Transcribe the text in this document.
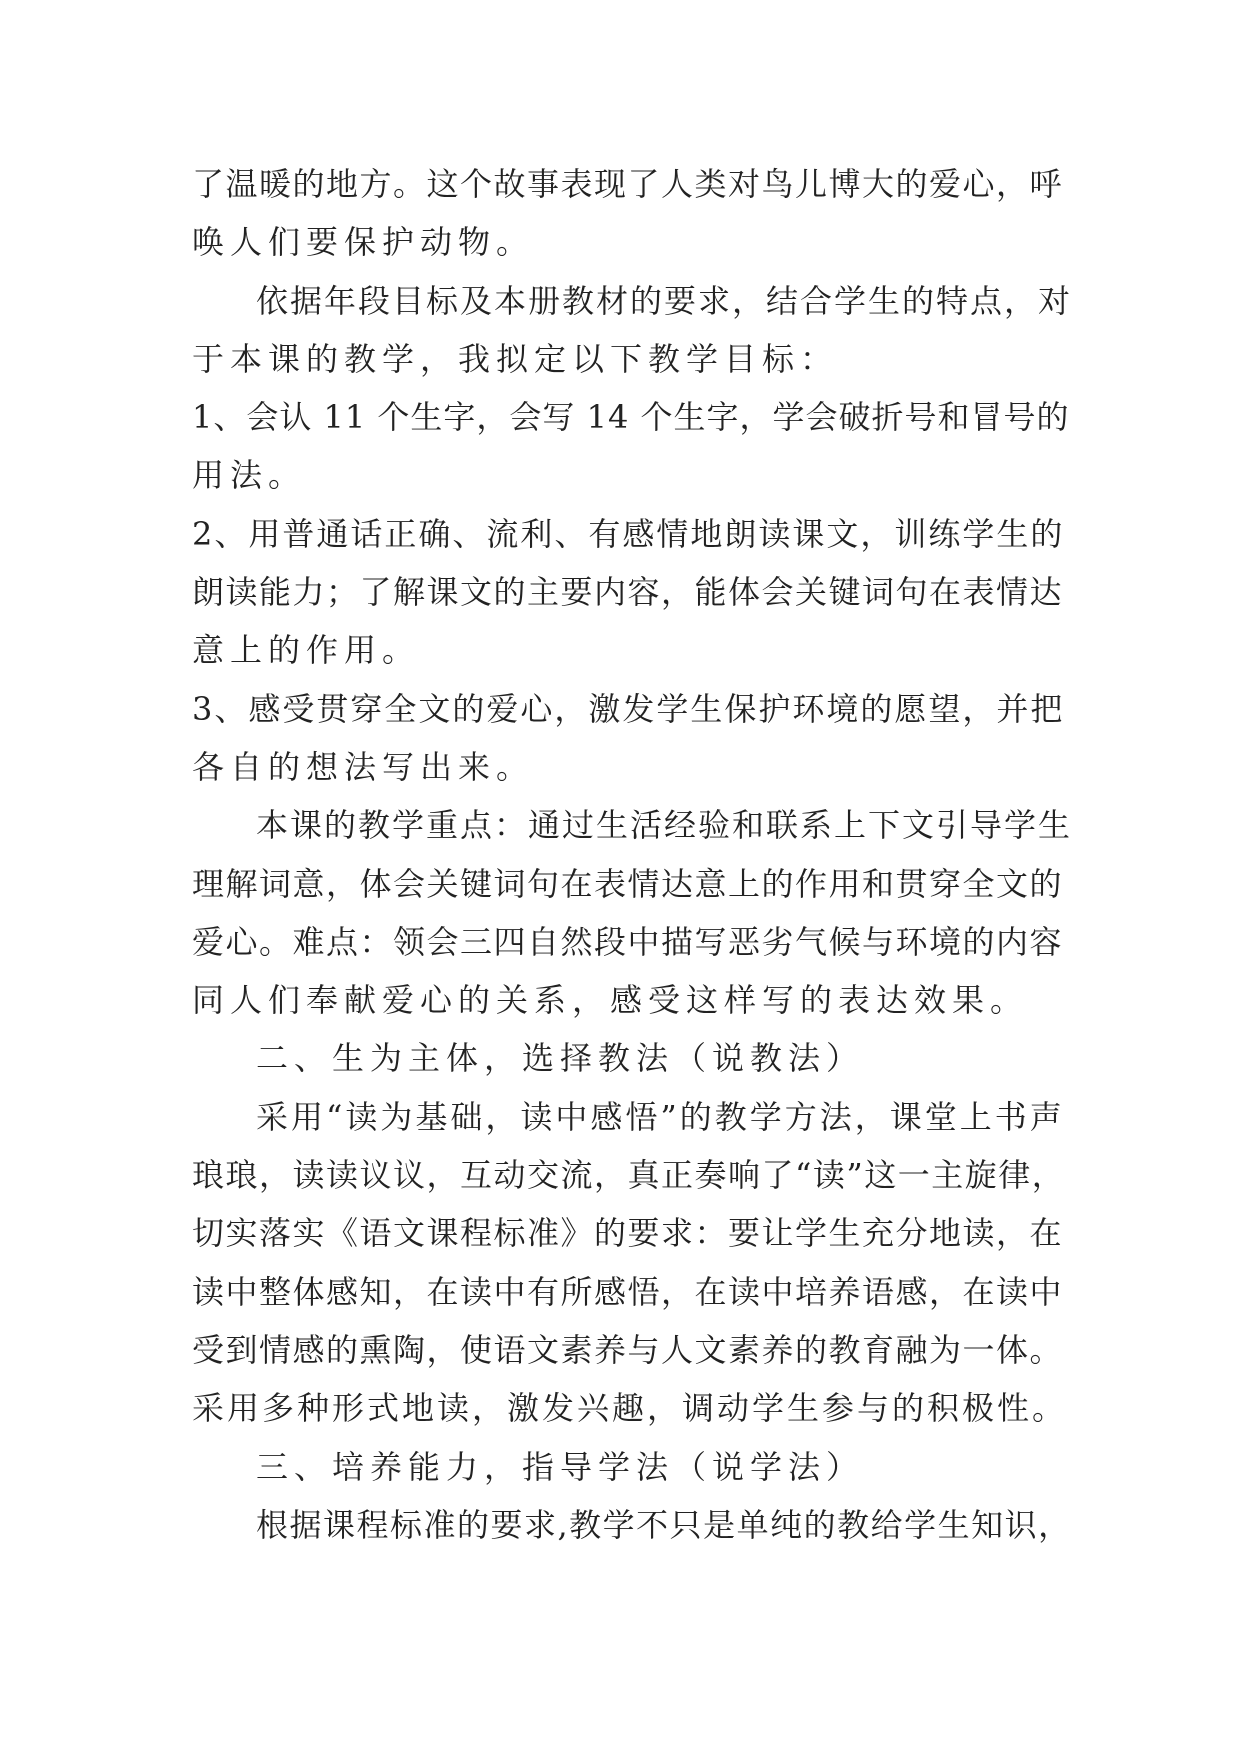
了温暖的地方。这个故事表现了人类对鸟儿博大的爱心，呼
唤人们要保护动物。
依据年段目标及本册教材的要求，结合学生的特点，对
于本课的教学，我拟定以下教学目标：
1、会认 11 个生字，会写 14 个生字，学会破折号和冒号的
用法。
2、用普通话正确、流利、有感情地朗读课文，训练学生的
朗读能力；了解课文的主要内容，能体会关键词句在表情达
意上的作用。
3、感受贯穿全文的爱心，激发学生保护环境的愿望，并把
各自的想法写出来。
本课的教学重点：通过生活经验和联系上下文引导学生
理解词意，体会关键词句在表情达意上的作用和贯穿全文的
爱心。难点：领会三四自然段中描写恶劣气候与环境的内容
同人们奉献爱心的关系，感受这样写的表达效果。
二、生为主体，选择教法（说教法）
采用“读为基础，读中感悟”的教学方法，课堂上书声
琅琅，读读议议，互动交流，真正奏响了“读”这一主旋律，
切实落实《语文课程标准》的要求：要让学生充分地读，在
读中整体感知，在读中有所感悟，在读中培养语感，在读中
受到情感的熏陶，使语文素养与人文素养的教育融为一体。
采用多种形式地读，激发兴趣，调动学生参与的积极性。
三、培养能力，指导学法（说学法）
根据课程标准的要求,教学不只是单纯的教给学生知识，
